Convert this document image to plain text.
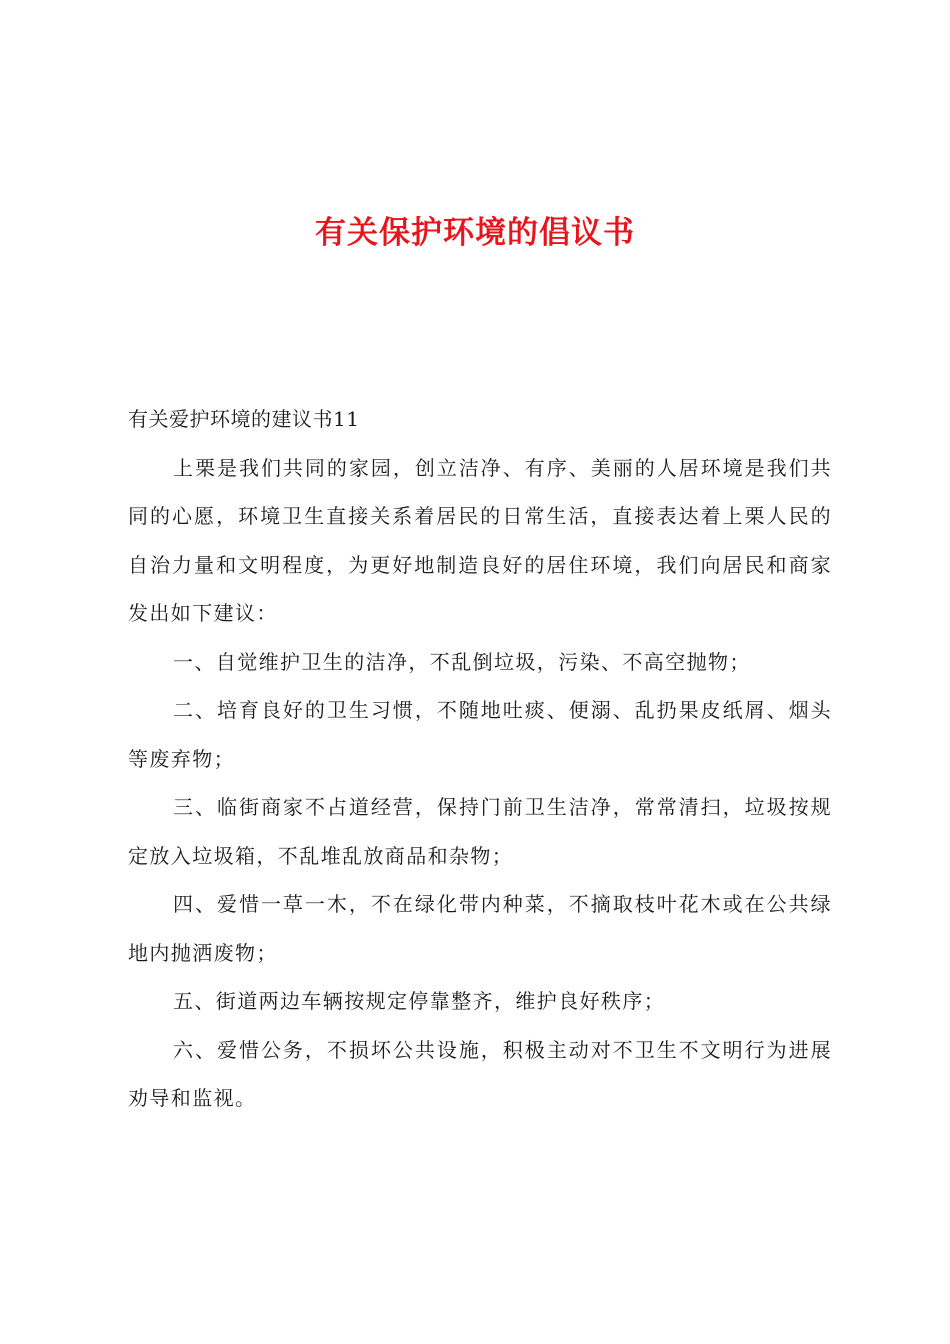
有关保护环境的倡议书

有关爱护环境的建议书11

上栗是我们共同的家园，创立洁净、有序、美丽的人居环境是我们共同的心愿，环境卫生直接关系着居民的日常生活，直接表达着上栗人民的自治力量和文明程度，为更好地制造良好的居住环境，我们向居民和商家发出如下建议：

一、自觉维护卫生的洁净，不乱倒垃圾，污染、不高空抛物；

二、培育良好的卫生习惯，不随地吐痰、便溺、乱扔果皮纸屑、烟头等废弃物；

三、临街商家不占道经营，保持门前卫生洁净，常常清扫，垃圾按规定放入垃圾箱，不乱堆乱放商品和杂物；

四、爱惜一草一木，不在绿化带内种菜，不摘取枝叶花木或在公共绿地内抛洒废物；

五、街道两边车辆按规定停靠整齐，维护良好秩序；

六、爱惜公务，不损坏公共设施，积极主动对不卫生不文明行为进展劝导和监视。
